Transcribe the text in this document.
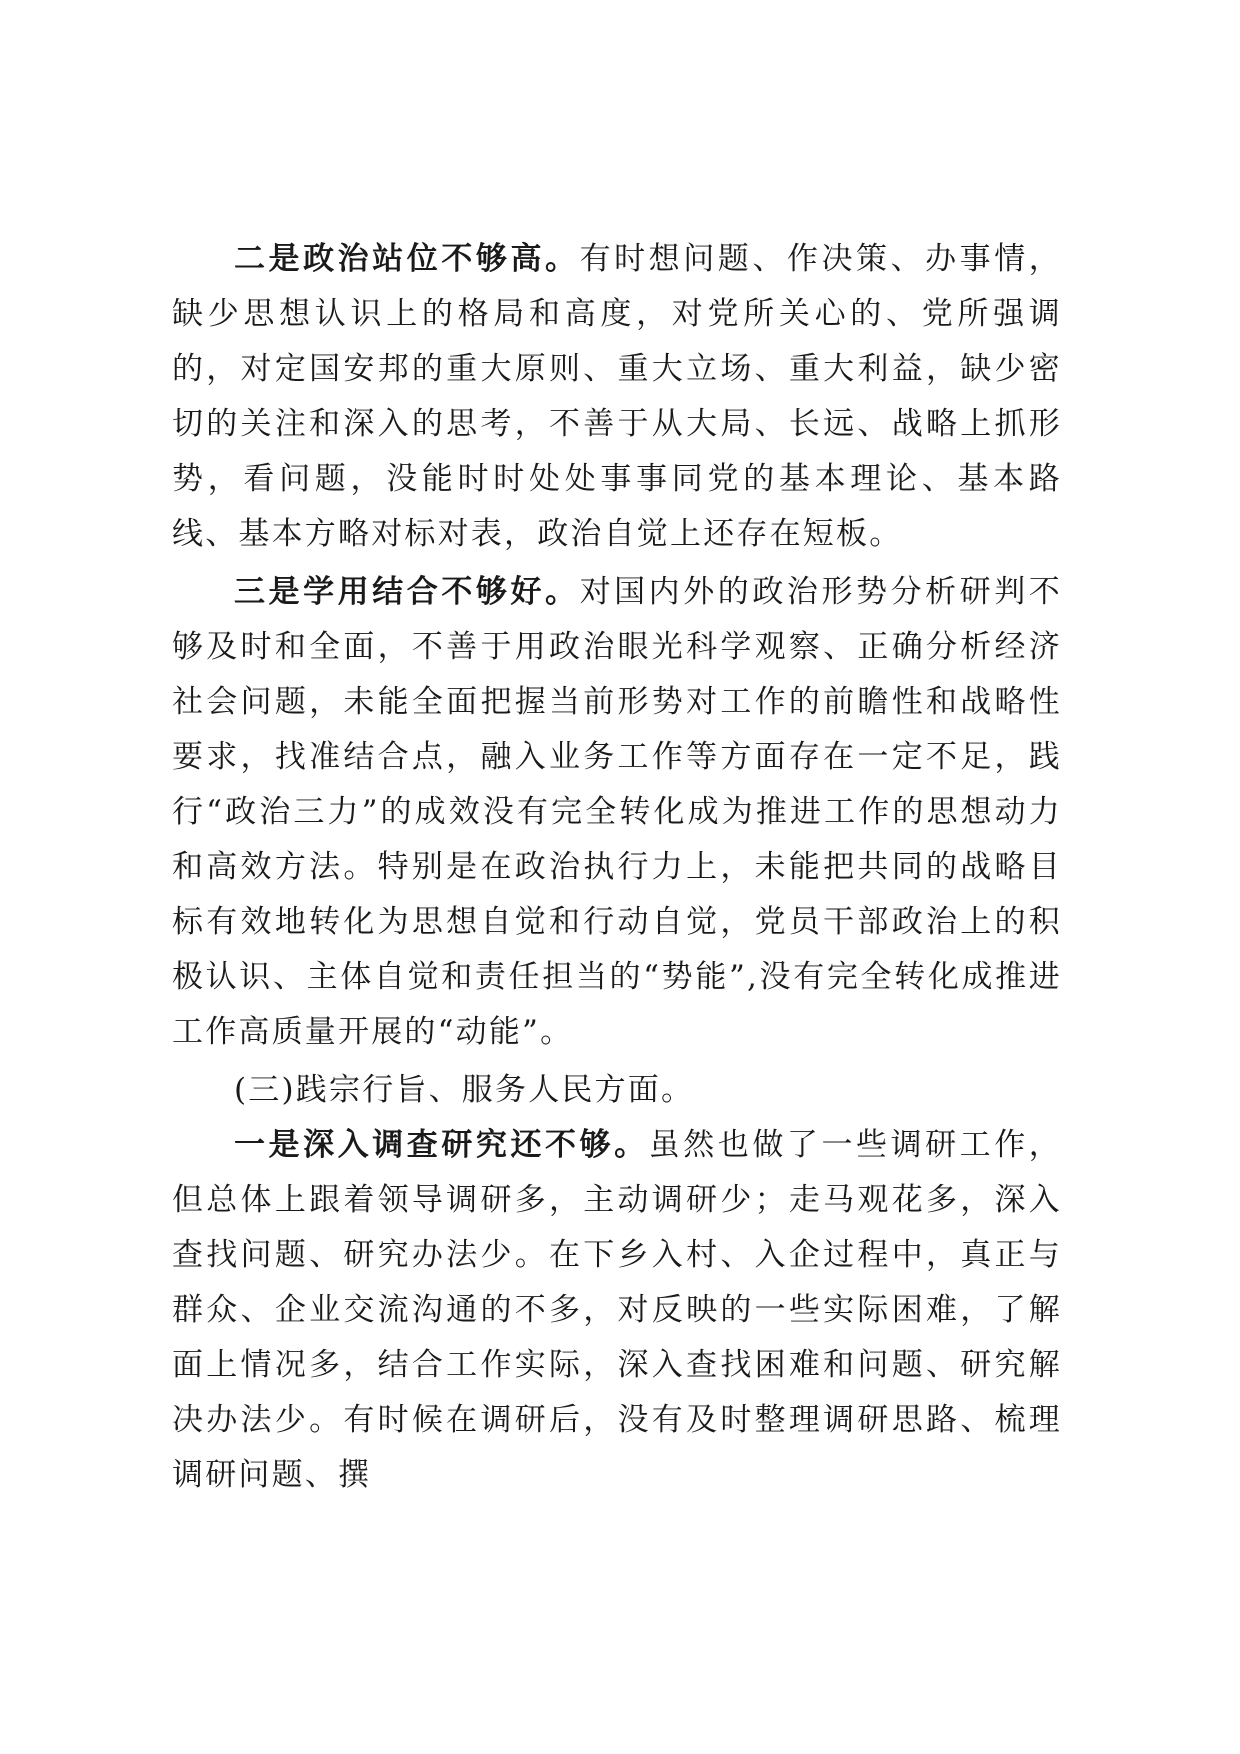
二是政治站位不够高。有时想问题、作决策、办事情，缺少思想认识上的格局和高度，对党所关心的、党所强调的，对定国安邦的重大原则、重大立场、重大利益，缺少密切的关注和深入的思考，不善于从大局、长远、战略上抓形势，看问题，没能时时处处事事同党的基本理论、基本路线、基本方略对标对表，政治自觉上还存在短板。

三是学用结合不够好。对国内外的政治形势分析研判不够及时和全面，不善于用政治眼光科学观察、正确分析经济社会问题，未能全面把握当前形势对工作的前瞻性和战略性要求，找准结合点，融入业务工作等方面存在一定不足，践行“政治三力”的成效没有完全转化成为推进工作的思想动力和高效方法。特别是在政治执行力上，未能把共同的战略目标有效地转化为思想自觉和行动自觉，党员干部政治上的积极认识、主体自觉和责任担当的“势能”,没有完全转化成推进工作高质量开展的“动能”。

(三)践宗行旨、服务人民方面。

一是深入调查研究还不够。虽然也做了一些调研工作，但总体上跟着领导调研多，主动调研少；走马观花多，深入查找问题、研究办法少。在下乡入村、入企过程中，真正与群众、企业交流沟通的不多，对反映的一些实际困难，了解面上情况多，结合工作实际，深入查找困难和问题、研究解决办法少。有时候在调研后，没有及时整理调研思路、梳理调研问题、撰
